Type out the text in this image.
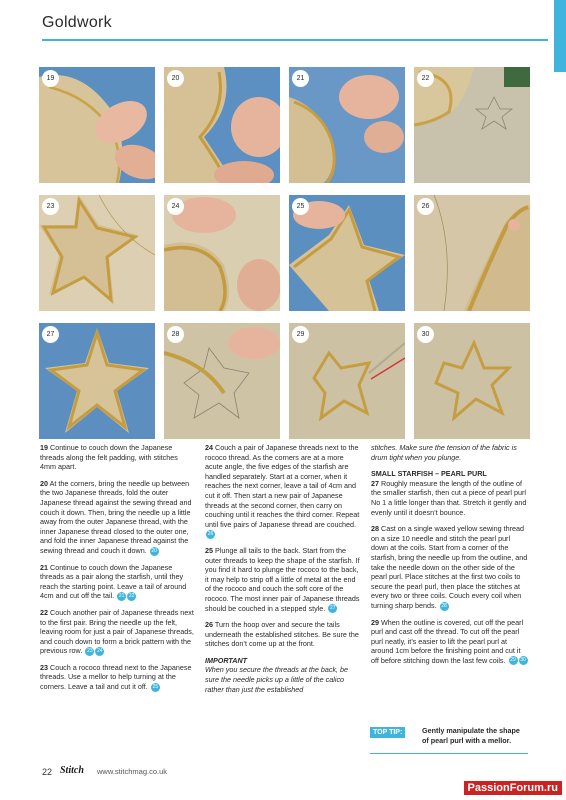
Goldwork
19	20	21	22
23	24	25	26
27	28	29	30

19 Continue to couch down the Japanese threads along the felt padding, with stitches 4mm apart.

20 At the corners, bring the needle up between the two Japanese threads, fold the outer Japanese thread against the sewing thread and couch it down. Then, bring the needle up a little away from the outer Japanese thread, with the inner Japanese thread closed to the outer one, and fold the inner Japanese thread against the sewing thread and couch it down. 20

21 Continue to couch down the Japanese threads as a pair along the starfish, until they reach the starting point. Leave a tail of around 4cm and cut off the tail. 21 22

22 Couch another pair of Japanese threads next to the first pair. Bring the needle up the felt, leaving room for just a pair of Japanese threads, and couch down to form a brick pattern with the previous row. 23 24

23 Couch a rococo thread next to the Japanese threads. Use a mellor to help turning at the corners. Leave a tail and cut it off. 25

24 Couch a pair of Japanese threads next to the rococo thread. As the corners are at a more acute angle, the five edges of the starfish are handled separately. Start at a corner, when it reaches the next corner, leave a tail of 4cm and cut it off. Then start a new pair of Japanese threads at the second corner, then carry on couching until it reaches the third corner. Repeat until five pairs of Japanese thread are couched. 26

25 Plunge all tails to the back. Start from the outer threads to keep the shape of the starfish. If you find it hard to plunge the rococo to the back, it may help to strip off a little of metal at the end of the rococo and couch the soft core of the rococo. The most inner pair of Japanese threads should be couched in a stepped style. 27

26 Turn the hoop over and secure the tails underneath the established stitches. Be sure the stitches don’t come up at the front.

IMPORTANT

When you secure the threads at the back, be sure the needle picks up a little of the calico rather than just the established

stitches. Make sure the tension of the fabric is drum tight when you plunge.

SMALL STARFISH – PEARL PURL

27 Roughly measure the length of the outline of the smaller starfish, then cut a piece of pearl purl No 1 a little longer than that. Stretch it gently and evenly until it doesn’t bounce.

28 Cast on a single waxed yellow sewing thread on a size 10 needle and stitch the pearl purl down at the coils. Start from a corner of the starfish, bring the needle up from the outline, and take the needle down on the other side of the pearl purl. Place stitches at the first two coils to secure the pearl purl, then place the stitches at every two or three coils. Couch every coil when turning sharp bends. 28

29 When the outline is covered, cut off the pearl purl and cast off the thread. To cut off the pearl purl neatly, it’s easier to lift the pearl purl at around 1cm before the finishing point and cut it off before stitching down the last few coils. 29 30

TOP TIP:	Gently manipulate the shape of pearl purl with a mellor.
22 Stitch www.stitchmag.co.uk
PassionForum.ru
